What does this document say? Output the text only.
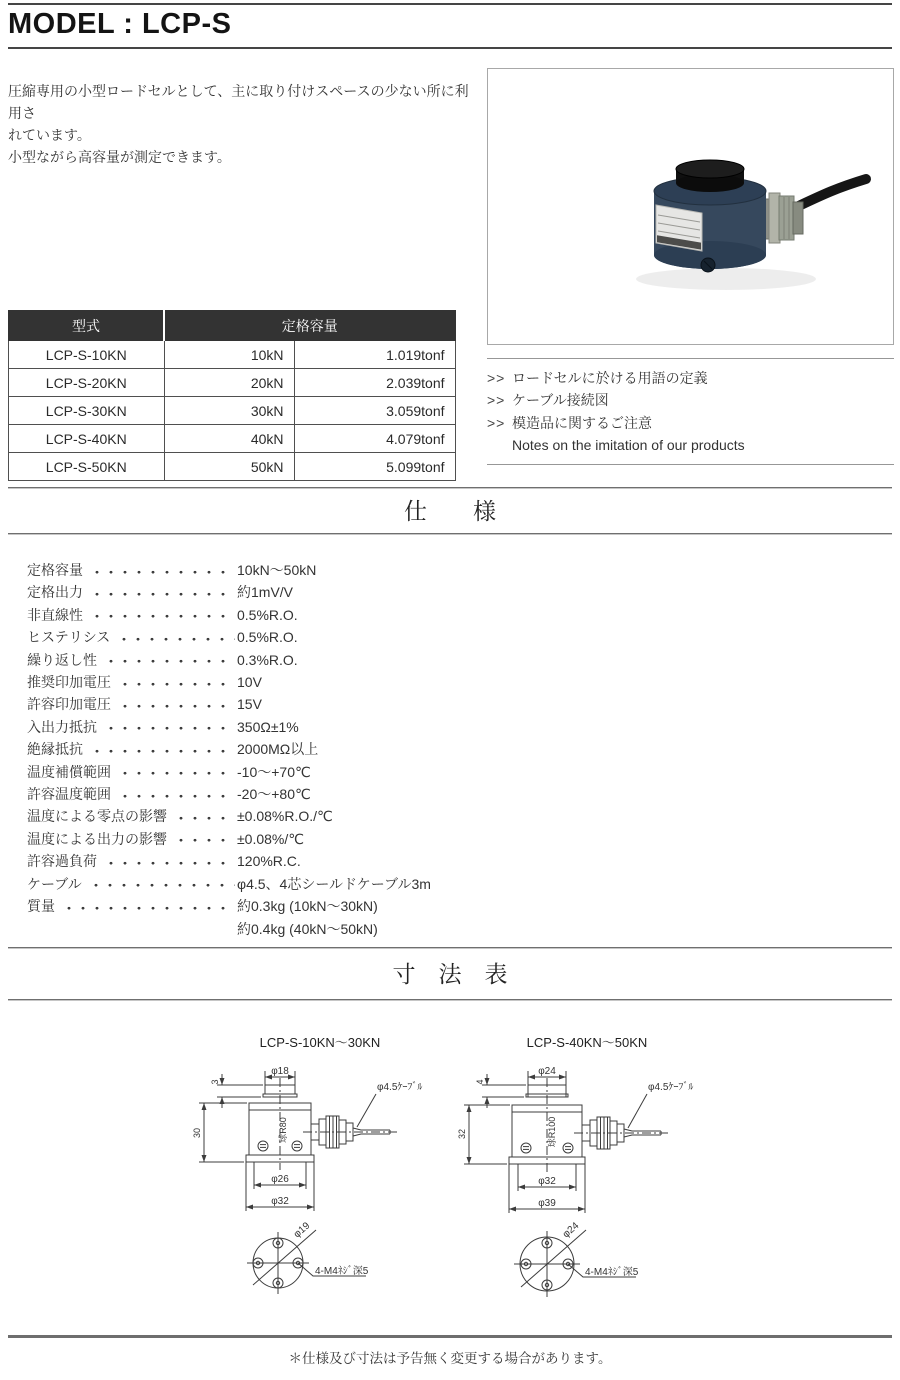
MODEL : LCP-S
圧縮専用の小型ロードセルとして、主に取り付けスペースの少ない所に利用さ
れています。
小型ながら高容量が測定できます。
型式	定格容量	
LCP-S-10KN	10kN	1.019tonf
LCP-S-20KN	20kN	2.039tonf
LCP-S-30KN	30kN	3.059tonf
LCP-S-40KN	40kN	4.079tonf
LCP-S-50KN	50kN	5.099tonf
>> ロードセルに於ける用語の定義
>> ケーブル接続図
>> 模造品に関するご注意
Notes on the imitation of our products
仕　　様
定格容量	10kN～50kN
定格出力	約1mV/V
非直線性	0.5%R.O.
ヒステリシス	0.5%R.O.
繰り返し性	0.3%R.O.
推奨印加電圧	10V
許容印加電圧	15V
入出力抵抗	350Ω±1%
絶縁抵抗	2000MΩ以上
温度補償範囲	-10～+70℃
許容温度範囲	-20～+80℃
温度による零点の影響	±0.08%R.O./℃
温度による出力の影響	±0.08%/℃
許容過負荷	120%R.C.
ケーブル	φ4.5、4芯シールドケーブル3m
質量	約0.3kg (10kN～30kN)
約0.4kg (40kN～50kN)
寸　法　表
LCP-S-10KN～30KN	LCP-S-40KN～50KN
φ18
3
30	球R80
φ26
φ32
φ4.5ｹｰﾌﾞﾙ
φ19
4-M4ﾈｼﾞ深5
φ24
4
32	球R100
φ32
φ39
φ4.5ｹｰﾌﾞﾙ
φ24
4-M4ﾈｼﾞ深5
＊仕様及び寸法は予告無く変更する場合があります。
